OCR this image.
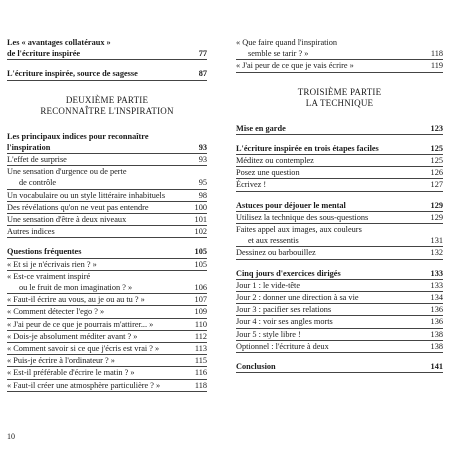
Les « avantages collatéraux »
de l'écriture inspirée	77
L'écriture inspirée, source de sagesse	87
DEUXIÈME PARTIE
RECONNAÎTRE L'INSPIRATION
Les principaux indices pour reconnaître
l'inspiration	93
L'effet de surprise	93
Une sensation d'urgence ou de perte
de contrôle	95
Un vocabulaire ou un style littéraire inhabituels	98
Des révélations qu'on ne veut pas entendre	100
Une sensation d'être à deux niveaux	101
Autres indices	102
Questions fréquentes	105
« Et si je n'écrivais rien ? »	105
« Est-ce vraiment inspiré
ou le fruit de mon imagination ? »	106
« Faut-il écrire au vous, au je ou au tu ? »	107
« Comment détecter l'ego ? »	109
« J'ai peur de ce que je pourrais m'attirer... »	110
« Dois-je absolument méditer avant ? »	112
« Comment savoir si ce que j'écris est vrai ? »	113
« Puis-je écrire à l'ordinateur ? »	115
« Est-il préférable d'écrire le matin ? »	116
« Faut-il créer une atmosphère particulière ? »	118
« Que faire quand l'inspiration
semble se tarir ? »	118
« J'ai peur de ce que je vais écrire »	119
TROISIÈME PARTIE
LA TECHNIQUE
Mise en garde	123
L'écriture inspirée en trois étapes faciles	125
Méditez ou contemplez	125
Posez une question	126
Écrivez !	127
Astuces pour déjouer le mental	129
Utilisez la technique des sous-questions	129
Faites appel aux images, aux couleurs
et aux ressentis	131
Dessinez ou barbouillez	132
Cinq jours d'exercices dirigés	133
Jour 1 : le vide-tête	133
Jour 2 : donner une direction à sa vie	134
Jour 3 : pacifier ses relations	136
Jour 4 : voir ses angles morts	136
Jour 5 : style libre !	138
Optionnel : l'écriture à deux	138
Conclusion	141
10
